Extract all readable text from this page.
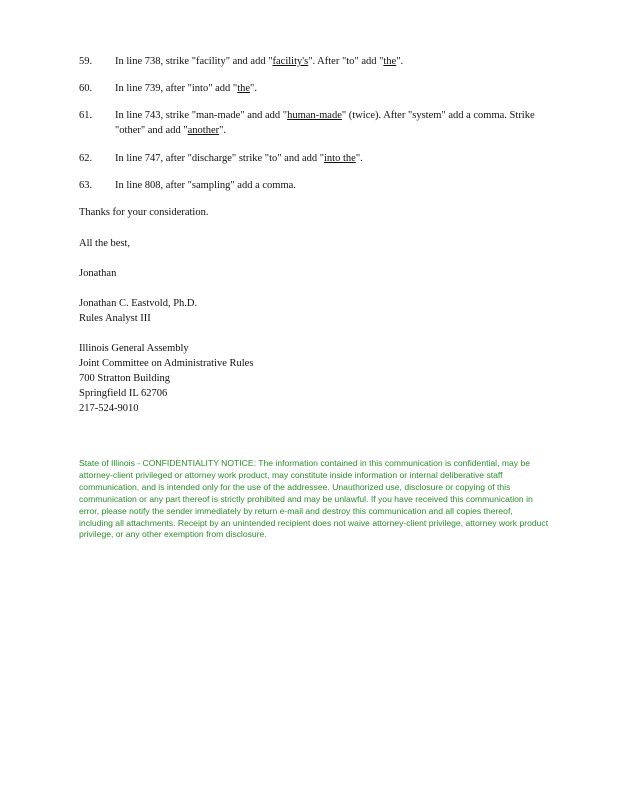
59. In line 738, strike "facility" and add "facility's". After "to" add "the".
60. In line 739, after "into" add "the".
61. In line 743, strike "man-made" and add "human-made" (twice). After "system" add a comma. Strike "other" and add "another".
62. In line 747, after "discharge" strike "to" and add "into the".
63. In line 808, after "sampling" add a comma.
Thanks for your consideration.
All the best,
Jonathan
Jonathan C. Eastvold, Ph.D.
Rules Analyst III
Illinois General Assembly
Joint Committee on Administrative Rules
700 Stratton Building
Springfield IL 62706
217-524-9010
State of Illinois - CONFIDENTIALITY NOTICE: The information contained in this communication is confidential, may be attorney-client privileged or attorney work product, may constitute inside information or internal deliberative staff communication, and is intended only for the use of the addressee. Unauthorized use, disclosure or copying of this communication or any part thereof is strictly prohibited and may be unlawful. If you have received this communication in error, please notify the sender immediately by return e-mail and destroy this communication and all copies thereof, including all attachments. Receipt by an unintended recipient does not waive attorney-client privilege, attorney work product privilege, or any other exemption from disclosure.
